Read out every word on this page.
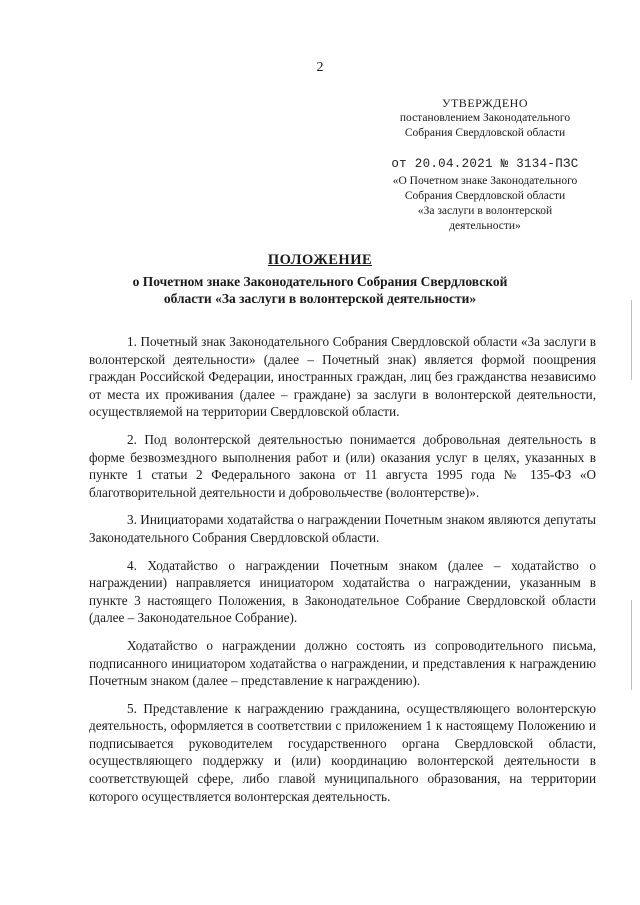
2
УТВЕРЖДЕНО
постановлением Законодательного
Собрания Свердловской области
от 20.04.2021 № 3134-ПЗС
«О Почетном знаке Законодательного
Собрания Свердловской области
«За заслуги в волонтерской
деятельности»
ПОЛОЖЕНИЕ
о Почетном знаке Законодательного Собрания Свердловской
области «За заслуги в волонтерской деятельности»

1. Почетный знак Законодательного Собрания Свердловской области «За заслуги в волонтерской деятельности» (далее – Почетный знак) является формой поощрения граждан Российской Федерации, иностранных граждан, лиц без гражданства независимо от места их проживания (далее – граждане) за заслуги в волонтерской деятельности, осуществляемой на территории Свердловской области.

2. Под волонтерской деятельностью понимается добровольная деятельность в форме безвозмездного выполнения работ и (или) оказания услуг в целях, указанных в пункте 1 статьи 2 Федерального закона от 11 августа 1995 года № 135-ФЗ «О благотворительной деятельности и добровольчестве (волонтерстве)».

3. Инициаторами ходатайства о награждении Почетным знаком являются депутаты Законодательного Собрания Свердловской области.

4. Ходатайство о награждении Почетным знаком (далее – ходатайство о награждении) направляется инициатором ходатайства о награждении, указанным в пункте 3 настоящего Положения, в Законодательное Собрание Свердловской области (далее – Законодательное Собрание).

Ходатайство о награждении должно состоять из сопроводительного письма, подписанного инициатором ходатайства о награждении, и представления к награждению Почетным знаком (далее – представление к награждению).

5. Представление к награждению гражданина, осуществляющего волонтерскую деятельность, оформляется в соответствии с приложением 1 к настоящему Положению и подписывается руководителем государственного органа Свердловской области, осуществляющего поддержку и (или) координацию волонтерской деятельности в соответствующей сфере, либо главой муниципального образования, на территории которого осуществляется волонтерская деятельность.
